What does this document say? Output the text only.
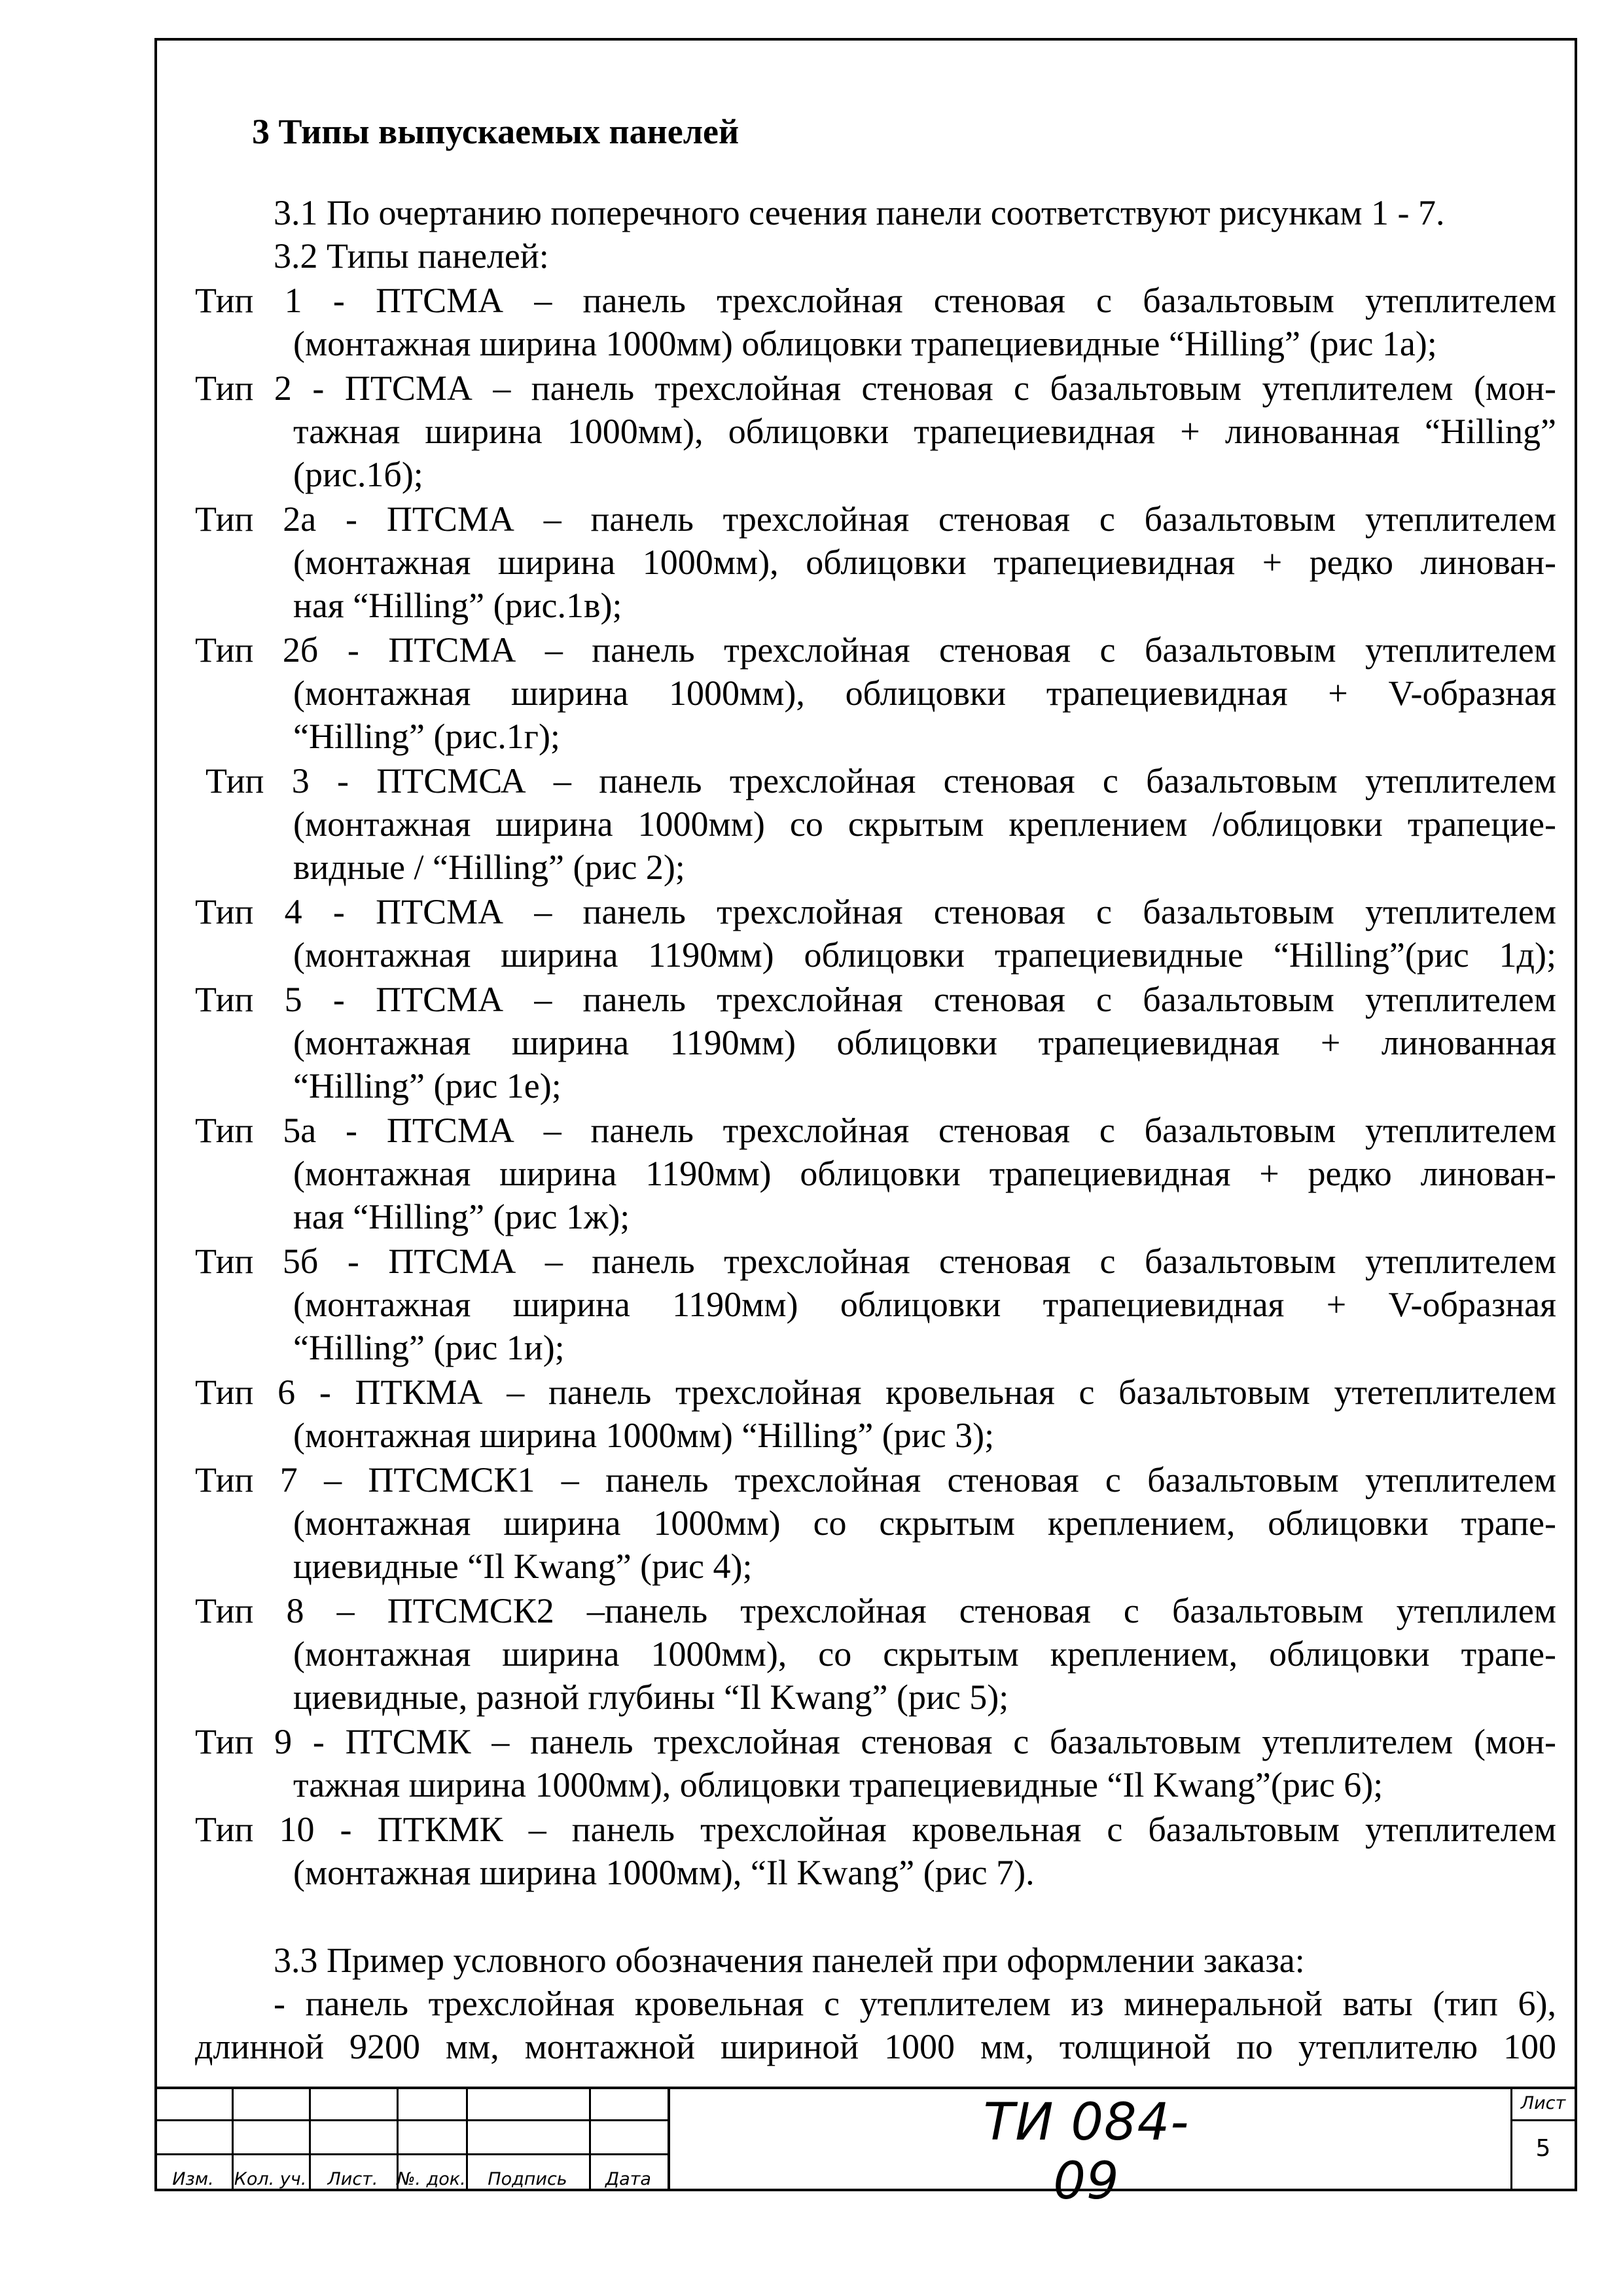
3 Типы выпускаемых панелей
3.1 По очертанию поперечного сечения панели соответствуют рисункам 1 - 7.
3.2 Типы панелей:
Тип 1 - ПТСМА – панель трехслойная стеновая с базальтовым утеплителем
(монтажная ширина 1000мм) облицовки трапециевидные “Hilling” (рис 1а);
Тип 2 - ПТСМА – панель трехслойная стеновая с базальтовым утеплителем (мон-
тажная ширина 1000мм), облицовки трапециевидная + линованная “Hilling”
(рис.1б);
Тип 2а - ПТСМА – панель трехслойная стеновая с базальтовым утеплителем
(монтажная ширина 1000мм), облицовки трапециевидная + редко линован-
ная “Hilling” (рис.1в);
Тип 2б - ПТСМА – панель трехслойная стеновая с базальтовым утеплителем
(монтажная ширина 1000мм), облицовки трапециевидная + V-образная
“Hilling” (рис.1г);
Тип 3 - ПТСМСА – панель трехслойная стеновая с базальтовым утеплителем
(монтажная ширина 1000мм) со скрытым креплением /облицовки трапецие-
видные / “Hilling” (рис 2);
Тип 4 - ПТСМА – панель трехслойная стеновая с базальтовым утеплителем
(монтажная ширина 1190мм) облицовки трапециевидные “Hilling”(рис 1д);
Тип 5 - ПТСМА – панель трехслойная стеновая с базальтовым утеплителем
(монтажная ширина 1190мм) облицовки трапециевидная + линованная
“Hilling” (рис 1е);
Тип 5а - ПТСМА – панель трехслойная стеновая с базальтовым утеплителем
(монтажная ширина 1190мм) облицовки трапециевидная + редко линован-
ная “Hilling” (рис 1ж);
Тип 5б - ПТСМА – панель трехслойная стеновая с базальтовым утеплителем
(монтажная ширина 1190мм) облицовки трапециевидная + V-образная
“Hilling” (рис 1и);
Тип 6 - ПТКМА – панель трехслойная кровельная с базальтовым утетеплителем
(монтажная ширина 1000мм) “Hilling” (рис 3);
Тип 7 – ПТСМСК1 – панель трехслойная стеновая с базальтовым утеплителем
(монтажная ширина 1000мм) со скрытым креплением, облицовки трапе-
циевидные “Il Kwang” (рис 4);
Тип 8 – ПТСМСК2 –панель трехслойная стеновая с базальтовым утеплилем
(монтажная ширина 1000мм), со скрытым креплением, облицовки трапе-
циевидные, разной глубины “Il Kwang” (рис 5);
Тип 9 - ПТСМК – панель трехслойная стеновая с базальтовым утеплителем (мон-
тажная ширина 1000мм), облицовки трапециевидные “Il Kwang”(рис 6);
Тип 10 - ПТКМК – панель трехслойная кровельная с базальтовым утеплителем
(монтажная ширина 1000мм), “Il Kwang” (рис 7).
3.3 Пример условного обозначения панелей при оформлении заказа:
- панель трехслойная кровельная с утеплителем из минеральной ваты (тип 6),
длинной 9200 мм, монтажной шириной 1000 мм, толщиной по утеплителю 100
Изм.	Кол. уч.	Лист.	№. док.	Подпись	Дата
ТИ 084-09
Лист
5
